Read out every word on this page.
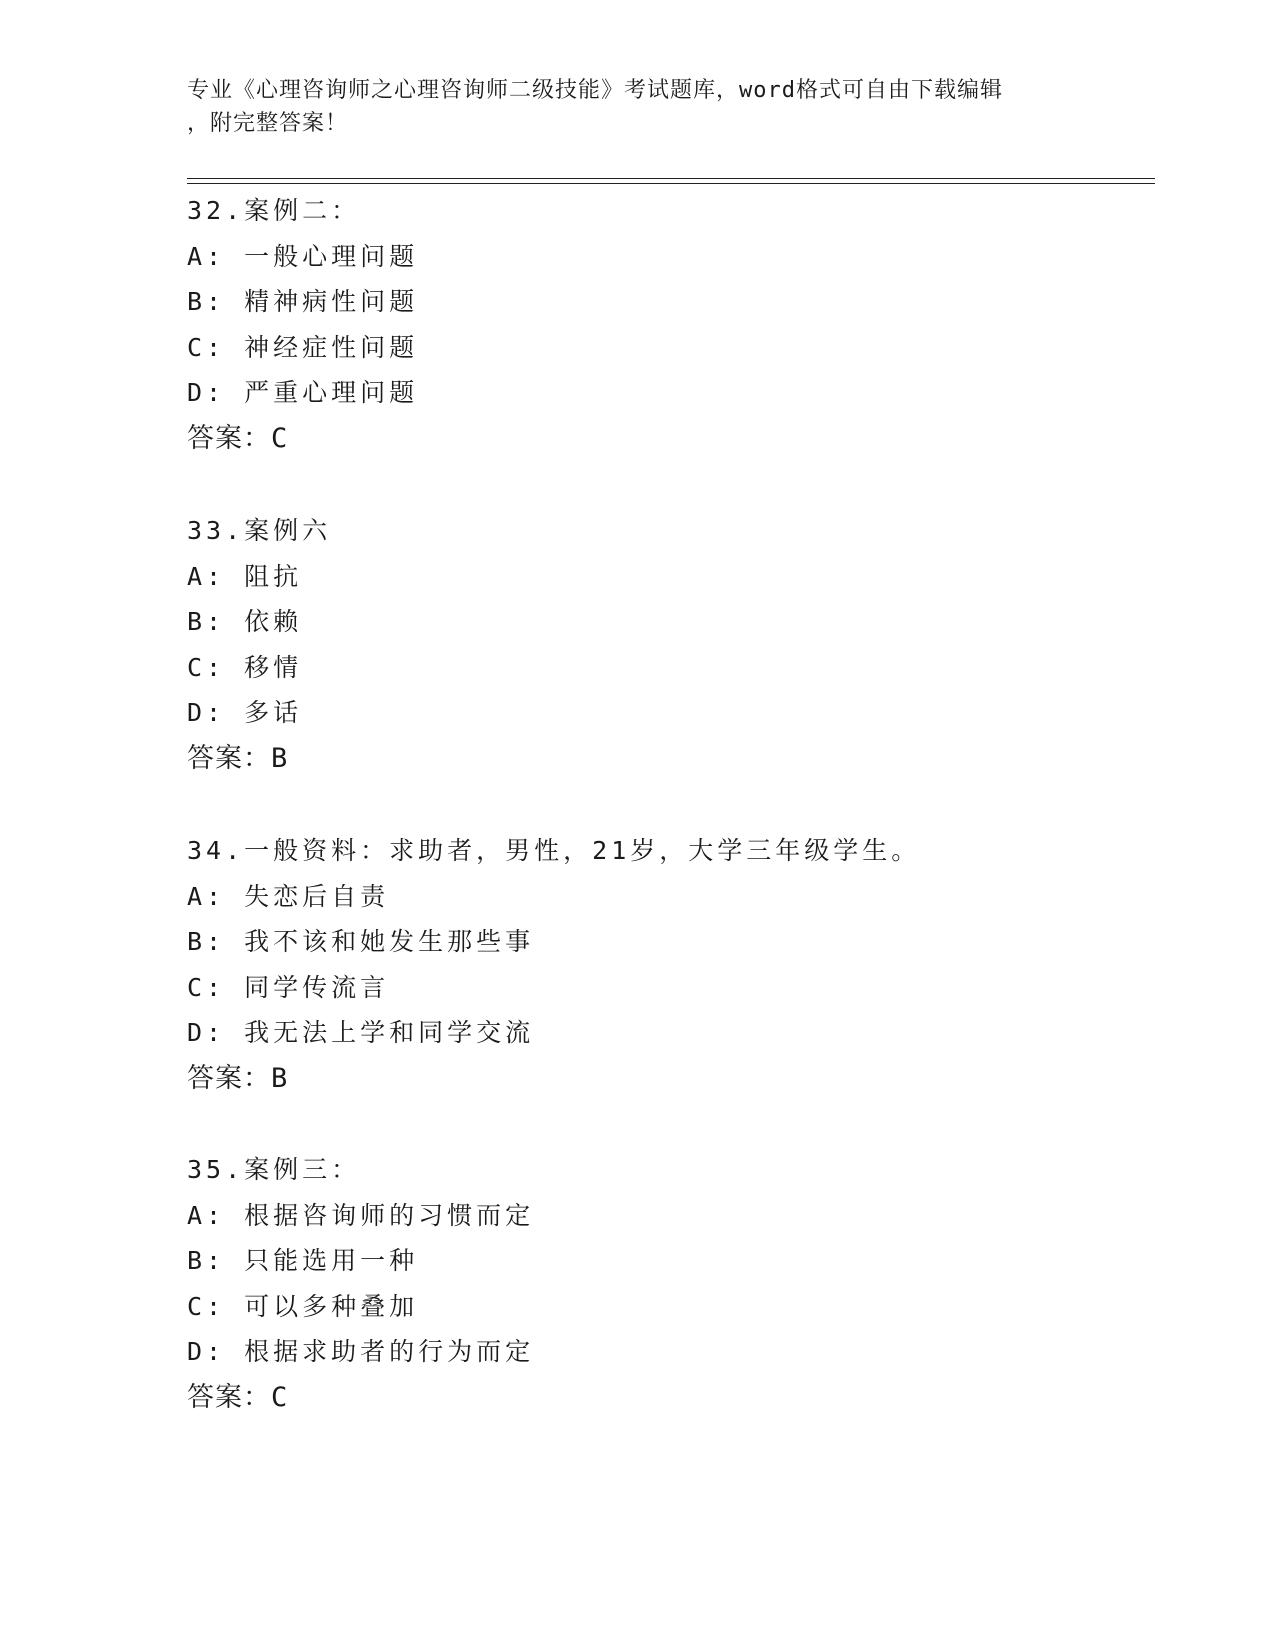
专业《心理咨询师之心理咨询师二级技能》考试题库，word格式可自由下载编辑
，附完整答案！
32.案例二：
A: 一般心理问题
B: 精神病性问题
C: 神经症性问题
D: 严重心理问题
答案：C
33.案例六
A: 阻抗
B: 依赖
C: 移情
D: 多话
答案：B
34.一般资料：求助者，男性，21岁，大学三年级学生。
A: 失恋后自责
B: 我不该和她发生那些事
C: 同学传流言
D: 我无法上学和同学交流
答案：B
35.案例三：
A: 根据咨询师的习惯而定
B: 只能选用一种
C: 可以多种叠加
D: 根据求助者的行为而定
答案：C
